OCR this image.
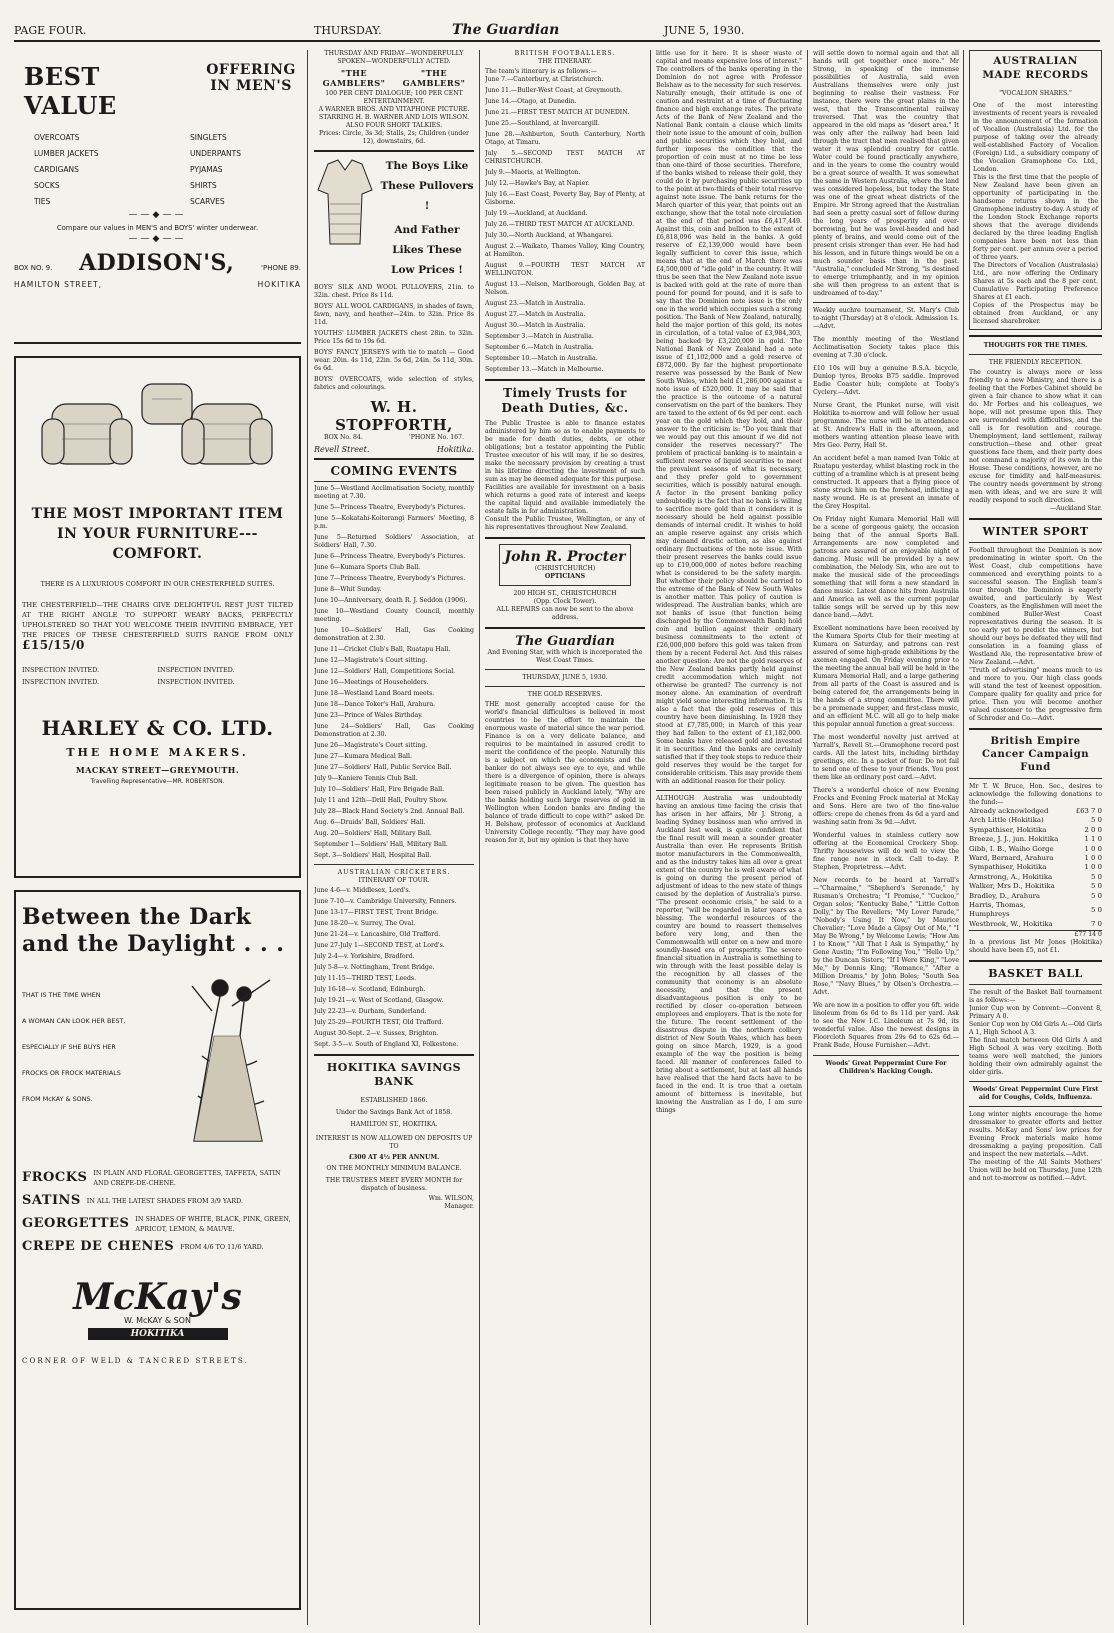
PAGE FOUR.	THURSDAY.	The Guardian	JUNE 5, 1930.
BEST VALUE
OFFERING IN MEN'S
OVERCOATS
LUMBER JACKETS
CARDIGANS
SOCKS
TIES
SINGLETS
UNDERPANTS
PYJAMAS
SHIRTS
SCARVES
——◆——
Compare our values in MEN'S and BOYS' winter underwear.
——◆——
BOX NO. 9. ADDISON'S,	'PHONE 89.
HAMILTON STREET,	HOKITIKA
THE MOST IMPORTANT ITEM IN YOUR FURNITURE---COMFORT.
THERE IS A LUXURIOUS COMFORT IN OUR CHESTERFIELD SUITES.
THE CHESTERFIELD—THE CHAIRS GIVE DELIGHTFUL REST JUST TILTED AT THE RIGHT ANGLE TO SUPPORT WEARY BACKS, PERFECTLY UPHOLSTERED SO THAT YOU WELCOME THEIR INVITING EMBRACE, YET THE PRICES OF THESE CHESTERFIELD SUITS RANGE FROM ONLY £15/15/0
INSPECTION INVITED.	INSPECTION INVITED.
INSPECTION INVITED.	INSPECTION INVITED.
HARLEY & CO. LTD.
THE HOME MAKERS.
MACKAY STREET—GREYMOUTH.
Travelling Representative—MR. ROBERTSON.
Between the Dark and the Daylight . . .
THAT IS THE TIME WHEN
A WOMAN CAN LOOK HER BEST,
ESPECIALLY IF SHE BUYS HER
FROCKS OR FROCK MATERIALS
FROM McKAY & SONS.
FROCKS IN PLAIN AND FLORAL GEORGETTES, TAFFETA, SATIN AND CREPE-DE-CHENE.
SATINS IN ALL THE LATEST SHADES FROM 3/9 YARD.
GEORGETTES IN SHADES OF WHITE, BLACK, PINK, GREEN, APRICOT, LEMON, & MAUVE.
CREPE DE CHENES FROM 4/6 TO 11/6 YARD.
McKay's
W. McKAY & SON
HOKITIKA
CORNER OF WELD & TANCRED STREETS.
THURSDAY AND FRIDAY—WONDERFULLY SPOKEN—WONDERFULLY ACTED.
"THE GAMBLERS"
"THE GAMBLERS"
100 PER CENT DIALOGUE; 100 PER CENT ENTERTAINMENT.
A WARNER BROS. AND VITAPHONE PICTURE.
STARRING H. B. WARNER AND LOIS WILSON.
ALSO FOUR SHORT TALKIES.
Prices: Circle, 3s 3d; Stalls, 2s; Children (under 12), downstairs, 6d.
The Boys Like These Pullovers !
And Father Likes These Low Prices !

BOYS' SILK AND WOOL PULLOVERS, 21in. to 32in. chest. Price 8s 11d.

BOYS' ALL WOOL CARDIGANS, in shades of fawn, fawn, navy, and heather—24in. to 32in. Price 8s 11d.

YOUTHS' LUMBER JACKETS chest 28in. to 32in. Price 15s 6d to 19s 6d.

BOYS' FANCY JERSEYS with tie to match — Good wear. 20in. 4s 11d, 22in. 5s 6d, 24in. 5s 11d, 30in. 6s 6d.

BOYS' OVERCOATS, wide selection of styles, fabrics and colourings.

W. H. STOPFORTH,
BOX No. 84.	'PHONE No. 167.
Revell Street.	Hokitika.
COMING EVENTS

June 5—Westland Acclimatisation Society, monthly meeting at 7.30.

June 5—Princess Theatre, Everybody's Pictures.

June 5—Kokatahi-Koiterangi Farmers' Meeting, 8 p.m.

June 5—Returned Soldiers' Association, at Soldiers' Hall, 7.30.

June 6—Princess Theatre, Everybody's Pictures.

June 6—Kumara Sports Club Ball.

June 7—Princess Theatre, Everybody's Pictures.

June 8—Whit Sunday.

June 10—Anniversary, death R. J. Seddon (1906).

June 10—Westland County Council, monthly meeting.

June 10—Soldiers' Hall, Gas Cooking demonstration at 2.30.

June 11—Cricket Club's Ball, Ruatapu Hall.

June 12—Magistrate's Court sitting.

June 12—Soldiers' Hall, Competitions Social.

June 16—Meetings of Householders.

June 18—Westland Land Board meets.

June 18—Dance Toker's Hall, Arahura.

June 23—Prince of Wales Birthday.

June 24—Soldiers' Hall, Gas Cooking Demonstration at 2.30.

June 26—Magistrate's Court sitting.

June 27—Kumara Medical Ball.

June 27—Soldiers' Hall, Public Service Ball.

July 9—Kaniere Tennis Club Ball.

July 10—Soldiers' Hall, Fire Brigade Ball.

July 11 and 12th—Drill Hall, Poultry Show.

July 28—Black Hand Society's 2nd. Annual Ball.

Aug. 6—Druids' Ball, Soldiers' Hall.

Aug. 20—Soldiers' Hall, Military Ball.

September 1—Soldiers' Hall, Military Ball.

Sept. 3—Soldiers' Hall, Hospital Ball.

AUSTRALIAN CRICKETERS.
ITINERARY OF TOUR.

June 4-6—v. Middlesex, Lord's.

June 7-10—v. Cambridge University, Fenners.

June 13-17—FIRST TEST, Trent Bridge.

June 18-20—v. Surrey, The Oval.

June 21-24—v. Lancashire, Old Trafford.

June 27-July 1—SECOND TEST, at Lord's.

July 2-4—v. Yorkshire, Bradford.

July 5-8—v. Nottingham, Trent Bridge.

July 11-15—THIRD TEST, Leeds.

July 16-18—v. Scotland, Edinburgh.

July 19-21—v. West of Scotland, Glasgow.

July 22-23—v. Durham, Sunderland.

July 25-29—FOURTH TEST, Old Trafford.

August 30-Sept. 2—v. Sussex, Brighton.

Sept. 3-5—v. South of England XI, Folkestone.

HOKITIKA SAVINGS BANK
ESTABLISHED 1866.
Under the Savings Bank Act of 1858.
HAMILTON ST., HOKITIKA.
INTEREST IS NOW ALLOWED ON DEPOSITS UP TO
£300 AT 4½ PER ANNUM.
ON THE MONTHLY MINIMUM BALANCE.
THE TRUSTEES MEET EVERY MONTH for dispatch of business.
Wm. WILSON,
Manager.
BRITISH FOOTBALLERS.
THE ITINERARY.
The team's itinerary is as follows:—

June 7.—Canterbury, at Christchurch.

June 11.—Buller-West Coast, at Greymouth.

June 14.—Otago, at Dunedin.

June 21.—FIRST TEST MATCH AT DUNEDIN.

June 25.—Southland, at Invercargill.

June 28.—Ashburton, South Canterbury, North Otago, at Timaru.

July 5.—SECOND TEST MATCH AT CHRISTCHURCH.

July 9.—Maoris, at Wellington.

July 12.—Hawke's Bay, at Napier.

July 16.—East Coast, Poverty Bay, Bay of Plenty, at Gisborne.

July 19.—Auckland, at Auckland.

July 26.—THIRD TEST MATCH AT AUCKLAND.

July 30.—North Auckland, at Whangarei.

August 2.—Waikato, Thames Valley, King Country, at Hamilton.

August 9.—FOURTH TEST MATCH AT WELLINGTON.

August 13.—Nelson, Marlborough, Golden Bay, at Nelson.

August 23.—Match in Australia.

August 27.—Match in Australia.

August 30.—Match in Australia.

September 3.—Match in Australia.

September 6.—Match in Australia.

September 10.—Match in Australia.

September 13.—Match in Melbourne.

Timely Trusts for Death Duties, &c.
The Public Trustee is able to finance estates administered by him so as to enable payments to be made for death duties, debts, or other obligations; but a testator appointing the Public Trustee executor of his will may, if he so desires, make the necessary provision by creating a trust in his lifetime directing the investment of such sum as may be deemed adequate for this purpose.
Facilities are available for investment on a basis which returns a good rate of interest and keeps the capital liquid and available immediately the estate falls in for administration.
Consult the Public Trustee, Wellington, or any of his representatives throughout New Zealand.
John R. Procter
(CHRISTCHURCH)
OPTICIANS
200 HIGH ST., CHRISTCHURCH
(Opp. Clock Tower).
ALL REPAIRS can now be sent to the above address.
The Guardian
And Evening Star, with which is incorporated the West Coast Times.
THURSDAY, JUNE 5, 1930.
THE GOLD RESERVES.
THE most generally accepted cause for the world's financial difficulties is believed in most countries to be the effort to maintain the enormous waste of material since the war period. Finance is on a very delicate balance, and requires to be maintained in assured credit to merit the confidence of the people. Naturally this is a subject on which the economists and the banker do not always see eye to eye, and while there is a divergence of opinion, there is always legitimate reason to be given. The question has been raised publicly in Auckland lately, "Why are the banks holding such large reserves of gold in Wellington when London banks are finding the balance of trade difficult to cope with?" asked Dr. H. Belshaw, professor of economics at Auckland University College recently. "They may have good reason for it, but my opinion is that they have
little use for it here. It is sheer waste of capital and means expensive loss of interest." The controllers of the banks operating in the Dominion do not agree with Professor Belshaw as to the necessity for such reserves. Naturally enough, their attitude is one of caution and restraint at a time of fluctuating finance and high exchange rates. The private Acts of the Bank of New Zealand and the National Bank contain a clause which limits their note issue to the amount of coin, bullion and public securities which they hold, and further imposes the condition that the proportion of coin must at no time be less than one-third of those securities. Therefore, if the banks wished to release their gold, they could do it by purchasing public securities up to the point at two-thirds of their total reserve against note issue. The bank returns for the March quarter of this year, that points out an exchange, show that the total note circulation at the end of that period was £6,417,449. Against this, coin and bullion to the extent of £6,818,096 was held in the banks. A gold reserve of £2,139,000 would have been legally sufficient to cover this issue, which means that at the end of March there was £4,500,000 of "idle gold" in the country. It will thus be seen that the New Zealand note issue is backed with gold at the rate of more than pound for pound for pound, and it is safe to say that the Dominion note issue is the only one in the world which occupies such a strong position. The Bank of New Zealand, naturally, held the major portion of this gold, its notes in circulation, of a total value of £3,984,303, being backed by £3,220,009 in gold. The National Bank of New Zealand had a note issue of £1,102,000 and a gold reserve of £872,000. By far the highest proportionate reserve was possessed by the Bank of New South Wales, which held £1,286,000 against a note issue of £520,000. It may be said that the practice is the outcome of a natural conservatism on the part of the bankers. They are taxed to the extent of 6s 9d per cent. each year on the gold which they hold, and their answer to the criticism is: "Do you think that we would pay out this amount if we did not consider the reserves necessary?" The problem of practical banking is to maintain a sufficient reserve of liquid securities to meet the prevalent seasons of what is necessary, and they prefer gold to government securities, which is possibly natural enough. A factor in the present banking policy undoubtedly is the fact that no bank is willing to sacrifice more gold than it considers it is necessary should be held against possible demands of internal credit. It wishes to hold an ample reserve against any crisis which may demand drastic action, as also against ordinary fluctuations of the note issue. With their present reserves the banks could issue up to £19,000,000 of notes before reaching what is considered to be the safety margin. But whether their policy should be carried to the extreme of the Bank of New South Wales is another matter. This policy of caution is widespread. The Australian banks, which are not banks of issue (that function being discharged by the Commonwealth Bank) hold coin and bullion against their ordinary business commitments to the extent of £26,000,000 before this gold was taken from them by a recent Federal Act. And this raises another question: Are not the gold reserves of the New Zealand banks partly held against credit accommodation which might not otherwise be granted? The currency is not money alone. An examination of overdraft might yield some interesting information. It is also a fact that the gold reserves of this country have been diminishing. In 1928 they stood at £7,785,000; in March of this year they had fallen to the extent of £1,182,000. Some banks have released gold and invested it in securities. And the banks are certainly satisfied that if they took steps to reduce their gold reserves they would be the target for considerable criticism. This may provide them with an additional reason for their policy.
ALTHOUGH Australia was undoubtedly having an anxious time facing the crisis that has arisen in her affairs, Mr J. Strong, a leading Sydney business man who arrived in Auckland last week, is quite confident that the final result will mean a sounder greater Australia than ever. He represents British motor manufacturers in the Commonwealth, and as the industry takes him all over a great extent of the country he is well aware of what is going on during the present period of adjustment of ideas to the new state of things caused by the depletion of Australia's purse. "The present economic crisis," he said to a reporter, "will be regarded in later years as a blessing. The wonderful resources of the country are bound to reassert themselves before very long, and then the Commonwealth will enter on a new and more soundly-based era of prosperity. The severe financial situation in Australia is something to win through with the least possible delay is the recognition by all classes of the community that economy is an absolute necessity, and that the present disadvantageous position is only to be rectified by closer co-operation between employees and employers. That is the note for the future. The recent settlement of the disastrous dispute in the northern colliery district of New South Wales, which has been going on since March, 1929, is a good example of the way the position is being faced. All manner of conferences failed to bring about a settlement, but at last all hands have realised that the hard facts have to be faced in the end. It is true that a certain amount of bitterness is inevitable, but knowing the Australian as I do, I am sure things
will settle down to normal again and that all hands will get together once more." Mr Strong, in speaking of the immense possibilities of Australia, said even Australians themselves were only just beginning to realise their vastness. For instance, there were the great plains in the west, that the Transcontinental railway traversed. That was the country that appeared in the old maps as "desert area." It was only after the railway had been laid through the tract that men realised that given water it was splendid country for cattle. Water could be found practically anywhere, and in the years to come the country would be a great source of wealth. It was somewhat the same in Western Australia, where the land was considered hopeless, but today the State was one of the great wheat districts of the Empire. Mr Strong agreed that the Australian had seen a pretty casual sort of fellow during the long years of prosperity and over-borrowing, but he was level-headed and had plenty of brains, and would come out of the present crisis stronger than ever. He had had his lesson, and in future things would be on a much sounder basis than in the past. "Australia," concluded Mr Strong, "is destined to emerge triumphantly, and in my opinion she will then progress to an extent that is undreamed of to-day."

Weekly euchre tournament, St. Mary's Club to-night (Thursday) at 8 o'clock. Admission 1s.—Advt.

The monthly meeting of the Westland Acclimatisation Society takes place this evening at 7.30 o'clock.

£10 10s will buy a genuine B.S.A. bicycle, Dunlop tyres, Brooks B75 saddle. Improved Eadie Coaster hub; complete at Tooby's Cyclery.—Advt.

Nurse Grant, the Plunket nurse, will visit Hokitika to-morrow and will follow her usual programme. The nurse will be in attendance at St. Andrew's Hall in the afternoon, and mothers wanting attention please leave with Mrs Geo. Perry, Hall St.

An accident befel a man named Ivan Tokic at Ruatapu yesterday, whilst blasting rock in the cutting of a tramline which is at present being constructed. It appears that a flying piece of stone struck him on the forehead, inflicting a nasty wound. He is at present an inmate of the Grey Hospital.

On Friday night Kumara Memorial Hall will be a scene of gorgeous gaiety, the occasion being that of the annual Sports Ball. Arrangements are now completed and patrons are assured of an enjoyable night of dancing. Music will be provided by a new combination, the Melody Six, who are out to make the musical side of the proceedings something that will form a new standard in dance music. Latest dance hits from Australia and America as well as the current popular talkie songs will be served up by this new dance band.—Advt.

Excellent nominations have been received by the Kumara Sports Club for their meeting at Kumara on Saturday, and patrons can rest assured of some high-grade exhibitions by the axemen engaged. On Friday evening prior to the meeting the annual ball will be held in the Kumara Memorial Hall, and a large gathering from all parts of the Coast is assured and is being catered for, the arrangements being in the hands of a strong committee. There will be a promenade supper, and first-class music, and an efficient M.C. will all go to help make this popular annual function a great success.

The most wonderful novelty just arrived at Yarrall's, Revell St.—Gramophone record post cards. All the latest hits, including birthday greetings, etc. In a packet of four. Do not fail to send one of these to your friends. You post them like an ordinary post card.—Advt.

There's a wonderful choice of new Evening Frocks and Evening Frock material at McKay and Sons. Here are two of the fine-value offers: crepe de chenes from 4s 6d a yard and washing satin from 3s 9d.—Advt.

Wonderful values in stainless cutlery now offering at the Economical Crockery Shop. Thrifty housewives will do well to view the fine range now in stock. Call to-day. P. Stephen, Proprietress.—Advt.

New records to be heard at Yarrall's—"Charmaine," "Shepherd's Serenade," by Rusman's Orchestra; "I Promise," "Cuckoo," Organ solos; "Kentucky Babe," "Little Cotton Dolly," by The Revellers; "My Lover Parade," "Nobody's Using It Now," by Maurice Chevalier; "Love Made a Gipsy Out of Me," "I May Be Wrong," by Welcome Lewis; "How Am I to Know," "All That I Ask is Sympathy," by Gene Austin; "I'm Following You," "Hello Up," by the Duncan Sisters; "If I Were King," "Love Me," by Dennis King; "Romance," "After a Million Dreams," by John Boles; "South Sea Rose," "Navy Blues," by Olsen's Orchestra.—Advt.

We are now in a position to offer you 6ft. wide linoleum from 6s 6d to 8s 11d per yard. Ask to see the New I.C. Linoleum at 7s 9d, its wonderful value. Also the newest designs in Floorcloth Squares from 29s 6d to 62s 6d.—Frank Bade, House Furnisher.—Advt.

Woods' Great Peppermint Cure For Children's Hacking Cough.
AUSTRALIAN MADE RECORDS
"VOCALION SHARES."
One of the most interesting investments of recent years is revealed in the announcement of the formation of Vocalion (Australasia) Ltd. for the purpose of taking over the already well-established Factory of Vocalion (Foreign) Ltd., a subsidiary company of the Vocalion Gramophone Co. Ltd., London.
This is the first time that the people of New Zealand have been given an opportunity of participating in the handsome returns shown in the Gramophone industry to-day. A study of the London Stock Exchange reports shows that the average dividends declared by the three leading English companies have been not less than forty per cent. per annum over a period of three years.
The Directors of Vocalion (Australasia) Ltd., are now offering the Ordinary Shares at 5s each and the 8 per cent. Cumulative Participating Preference Shares at £1 each.
Copies of the Prospectus may be obtained from Auckland, or any licensed sharebroker.
THOUGHTS FOR THE TIMES.
THE FRIENDLY RECEPTION.
The country is always more or less friendly to a new Ministry, and there is a feeling that the Forbes Cabinet should be given a fair chance to show what it can do. Mr Forbes and his colleagues, we hope, will not presume upon this. They are surrounded with difficulties, and the call is for resolution and courage. Unemployment, land settlement, railway construction—these and other great questions face them, and their party does not command a majority of its own in the House. These conditions, however, are no excuse for timidity and half-measures. The country needs government by strong men with ideas, and we are sure it will readily respond to such direction.
—Auckland Star.
WINTER SPORT
Football throughout the Dominion is now predominating in winter sport. On the West Coast, club competitions have commenced and everything points to a successful season. The English team's tour through the Dominion is eagerly awaited, and particularly by West Coasters, as the Englishmen will meet the combined Buller-West Coast representatives during the season. It is too early yet to predict the winners, but should our boys be defeated they will find consolation in a foaming glass of Westland Ale, the representative brew of New Zealand.—Advt.
"Truth of advertising" means much to us and more to you. Our high class goods will stand the test of keenest opposition. Compare quality for quality and price for price. Then you will become another valued customer to the progressive firm of Schroder and Co.—Advt.
British Empire Cancer Campaign Fund
Mr T. W. Bruce, Hon. Sec., desires to acknowledge the following donations to the fund:—
Already acknowledged	£63 7 0
Arch Little (Hokitika)	5 0
Sympathiser, Hokitika	2 0 0
Breeze, J. J., jun. Hokitika	1 1 0
Gibb, I. B., Waiho Gorge	1 0 0
Ward, Bernard, Arahura	1 0 0
Sympathiser, Hokitika	1 0 0
Armstrong, A., Hokitika	5 0
Walker, Mrs D., Hokitika	5 0
Bradley, D., Arahura	5 0
Harris, Thomas, Humphreys	5 0
Westbrook, W., Hokitika	7 0
£77 14 0
In a previous list Mr Jones (Hokitika) should have been £5, not £1.
BASKET BALL
The result of the Basket Ball tournament is as follows:—
Junior Cup won by Convent:—Convent 8, Primary A 0.
Senior Cup won by Old Girls A:—Old Girls A 1, High School A 3.
The final match between Old Girls A and High School A was very exciting. Both teams were well matched, the juniors holding their own admirably against the older girls.
Woods' Great Peppermint Cure First aid for Coughs, Colds, Influenza.
Long winter nights encourage the home dressmaker to greater efforts and better results. McKay and Sons' low prices for Evening Frock materials make home dressmaking a paying proposition. Call and inspect the new materials.—Advt.
The meeting of the All Saints Mothers' Union will be held on Thursday, June 12th and not to-morrow as notified.—Advt.
